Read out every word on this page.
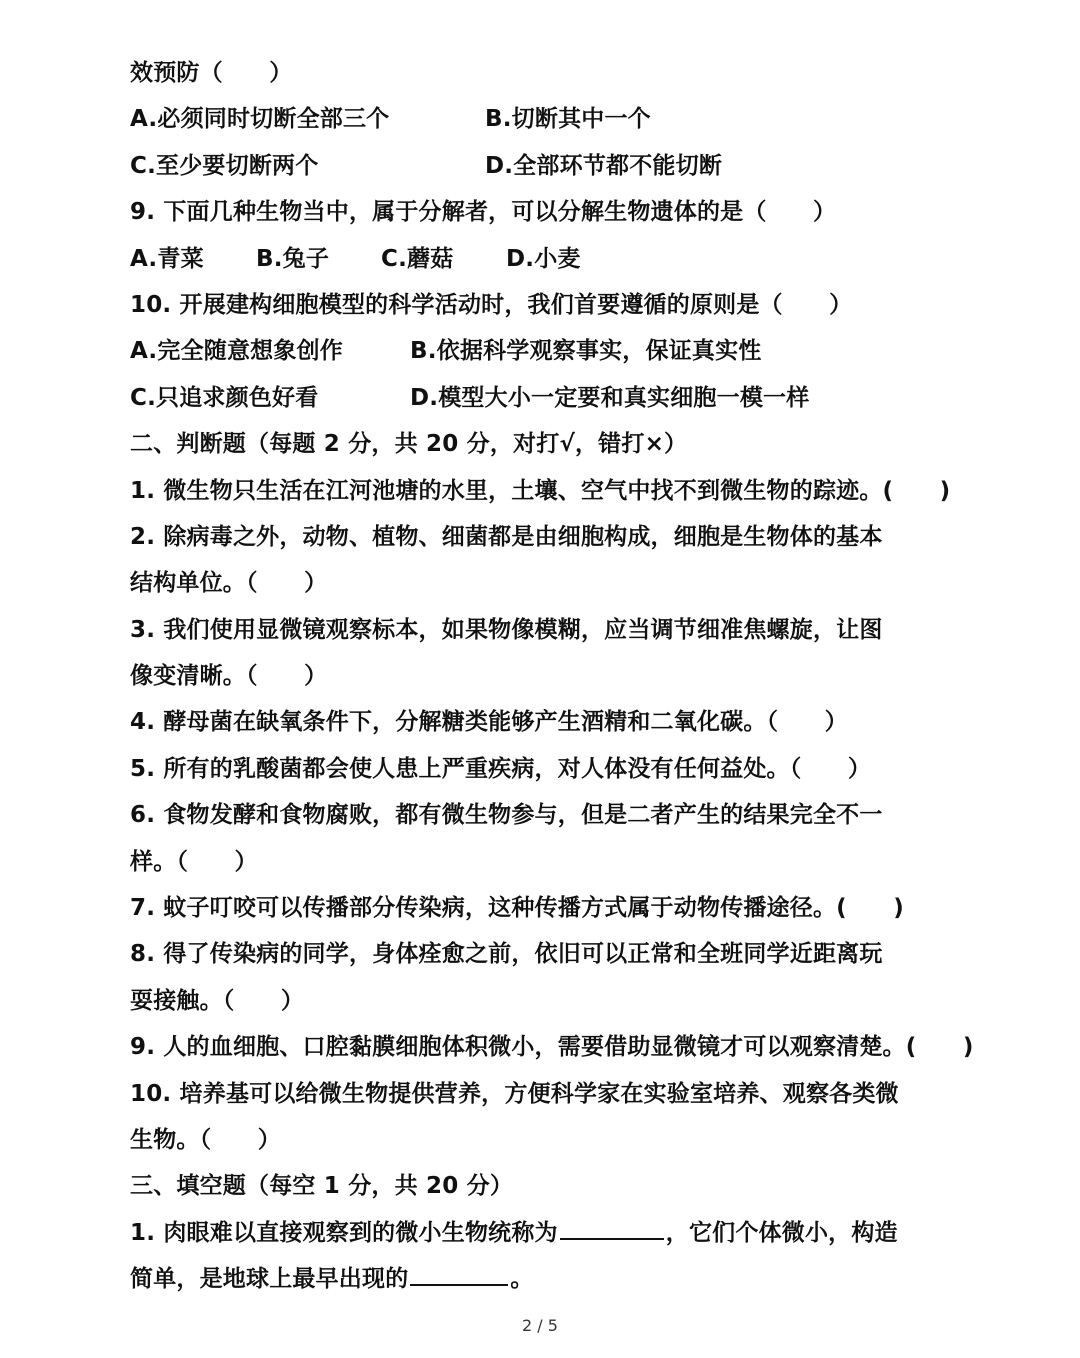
效预防（　　）
A.必须同时切断全部三个	B.切断其中一个
C.至少要切断两个	D.全部环节都不能切断
9. 下面几种生物当中，属于分解者，可以分解生物遗体的是（　　）
A.青菜	B.兔子	C.蘑菇	D.小麦
10. 开展建构细胞模型的科学活动时，我们首要遵循的原则是（　　）
A.完全随意想象创作	B.依据科学观察事实，保证真实性
C.只追求颜色好看	D.模型大小一定要和真实细胞一模一样
二、判断题（每题 2 分，共 20 分，对打√，错打×）
1. 微生物只生活在江河池塘的水里，土壤、空气中找不到微生物的踪迹。(　　)
2. 除病毒之外，动物、植物、细菌都是由细胞构成，细胞是生物体的基本
结构单位。（　　）
3. 我们使用显微镜观察标本，如果物像模糊，应当调节细准焦螺旋，让图
像变清晰。（　　）
4. 酵母菌在缺氧条件下，分解糖类能够产生酒精和二氧化碳。（　　）
5. 所有的乳酸菌都会使人患上严重疾病，对人体没有任何益处。（　　）
6. 食物发酵和食物腐败，都有微生物参与，但是二者产生的结果完全不一
样。（　　）
7. 蚊子叮咬可以传播部分传染病，这种传播方式属于动物传播途径。(　　)
8. 得了传染病的同学，身体痊愈之前，依旧可以正常和全班同学近距离玩
耍接触。（　　）
9. 人的血细胞、口腔黏膜细胞体积微小，需要借助显微镜才可以观察清楚。(　　)
10. 培养基可以给微生物提供营养，方便科学家在实验室培养、观察各类微
生物。（　　）
三、填空题（每空 1 分，共 20 分）
1. 肉眼难以直接观察到的微小生物统称为	，它们个体微小，构造
简单，是地球上最早出现的	。
2 / 5
